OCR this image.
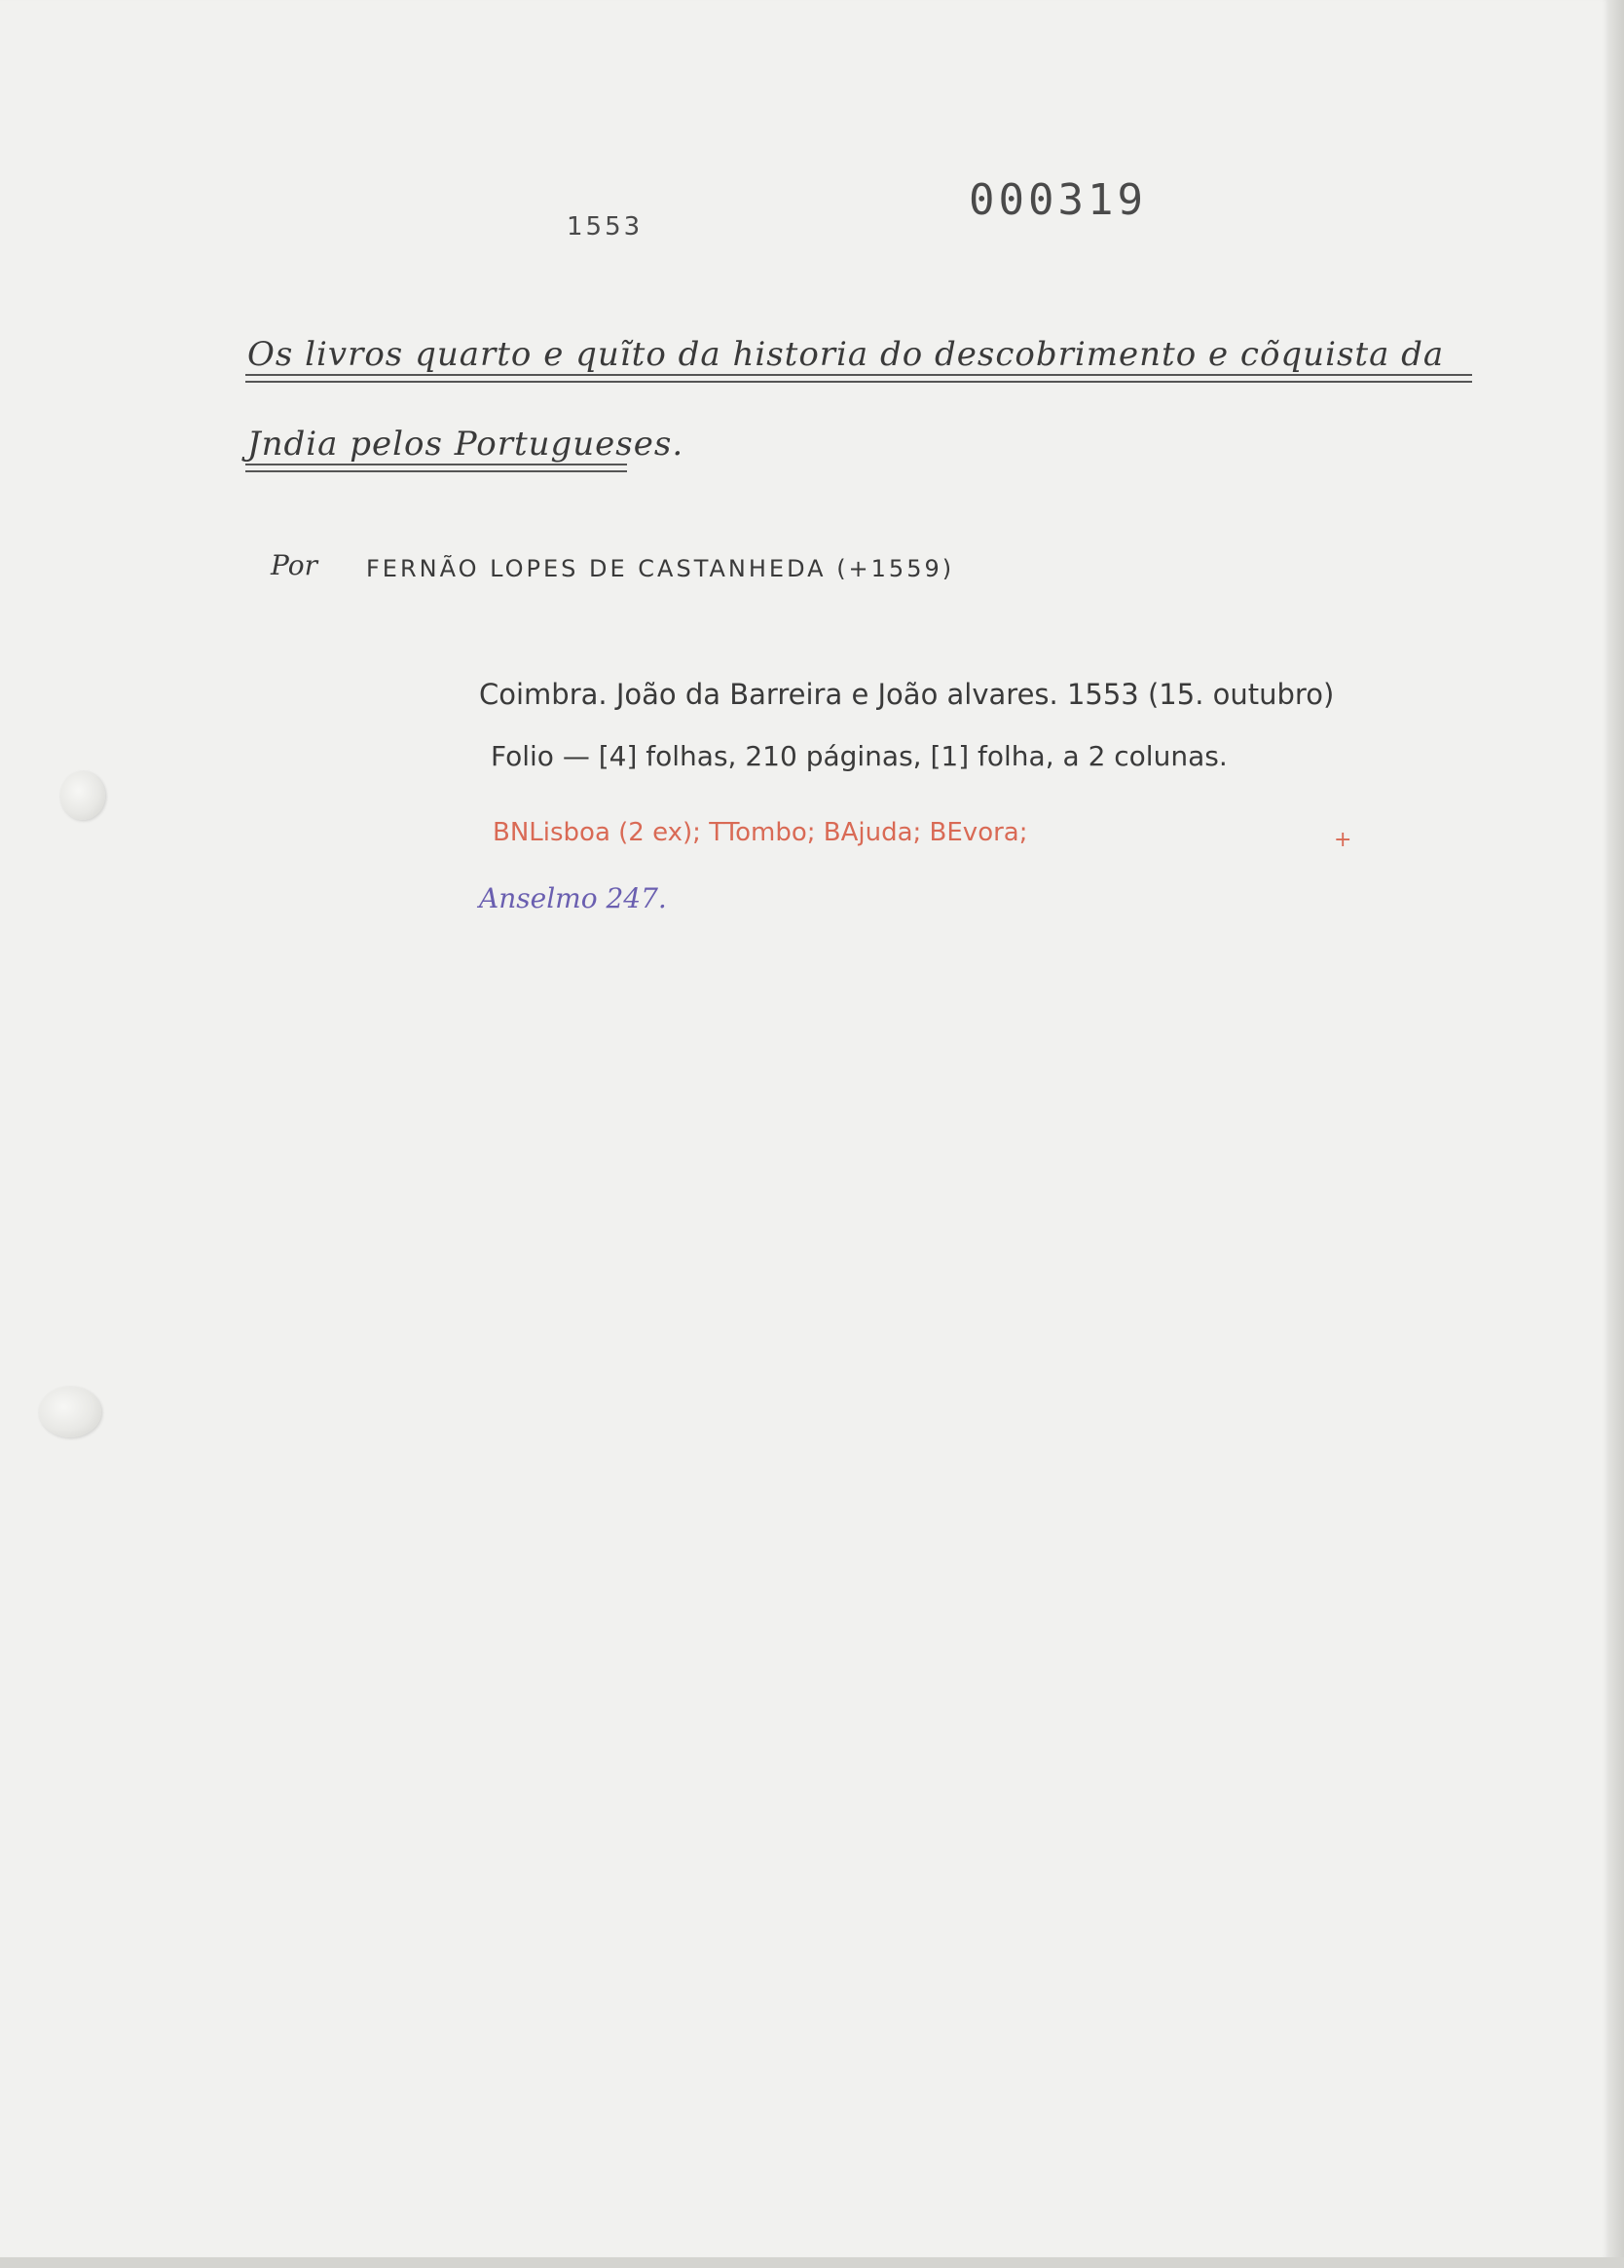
000319
1553
Os livros quarto e quĩto da historia do descobrimento e cõquista da
Jndia pelos Portugueses.
Por FERNÃO LOPES DE CASTANHEDA (+1559)
Coimbra. João da Barreira e João alvares. 1553 (15. outubro)
Folio — [4] folhas, 210 páginas, [1] folha, a 2 colunas.
BNLisboa (2 ex); TTombo; BAjuda; BEvora;	+
Anselmo 247.
